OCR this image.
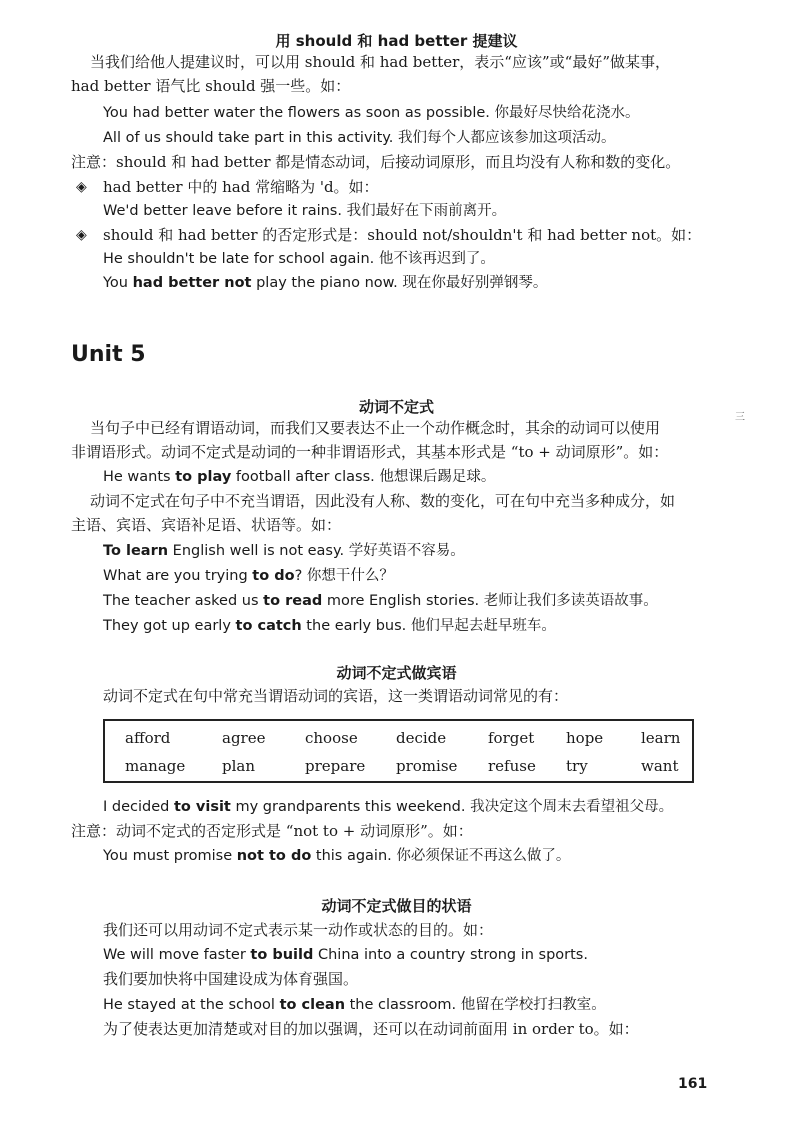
用 should 和 had better 提建议
当我们给他人提建议时，可以用 should 和 had better，表示“应该”或“最好”做某事，
had better 语气比 should 强一些。如：
You had better water the flowers as soon as possible. 你最好尽快给花浇水。
All of us should take part in this activity. 我们每个人都应该参加这项活动。
注意：should 和 had better 都是情态动词，后接动词原形，而且均没有人称和数的变化。
◈ had better 中的 had 常缩略为 'd。如：
We'd better leave before it rains. 我们最好在下雨前离开。
◈ should 和 had better 的否定形式是：should not/shouldn't 和 had better not。如：
He shouldn't be late for school again. 他不该再迟到了。
You had better not play the piano now. 现在你最好别弹钢琴。
Unit 5
三
动词不定式
当句子中已经有谓语动词，而我们又要表达不止一个动作概念时，其余的动词可以使用
非谓语形式。动词不定式是动词的一种非谓语形式，其基本形式是 “to + 动词原形”。如：
He wants to play football after class. 他想课后踢足球。
动词不定式在句子中不充当谓语，因此没有人称、数的变化，可在句中充当多种成分，如
主语、宾语、宾语补足语、状语等。如：
To learn English well is not easy. 学好英语不容易。
What are you trying to do? 你想干什么？
The teacher asked us to read more English stories. 老师让我们多读英语故事。
They got up early to catch the early bus. 他们早起去赶早班车。
动词不定式做宾语
动词不定式在句中常充当谓语动词的宾语，这一类谓语动词常见的有：
afford	agree	choose	decide	forget hope	learn
manage plan	prepare promise refuse try	want
I decided to visit my grandparents this weekend. 我决定这个周末去看望祖父母。
注意：动词不定式的否定形式是 “not to + 动词原形”。如：
You must promise not to do this again. 你必须保证不再这么做了。
动词不定式做目的状语
我们还可以用动词不定式表示某一动作或状态的目的。如：
We will move faster to build China into a country strong in sports.
我们要加快将中国建设成为体育强国。
He stayed at the school to clean the classroom. 他留在学校打扫教室。
为了使表达更加清楚或对目的加以强调，还可以在动词前面用 in order to。如：
161
